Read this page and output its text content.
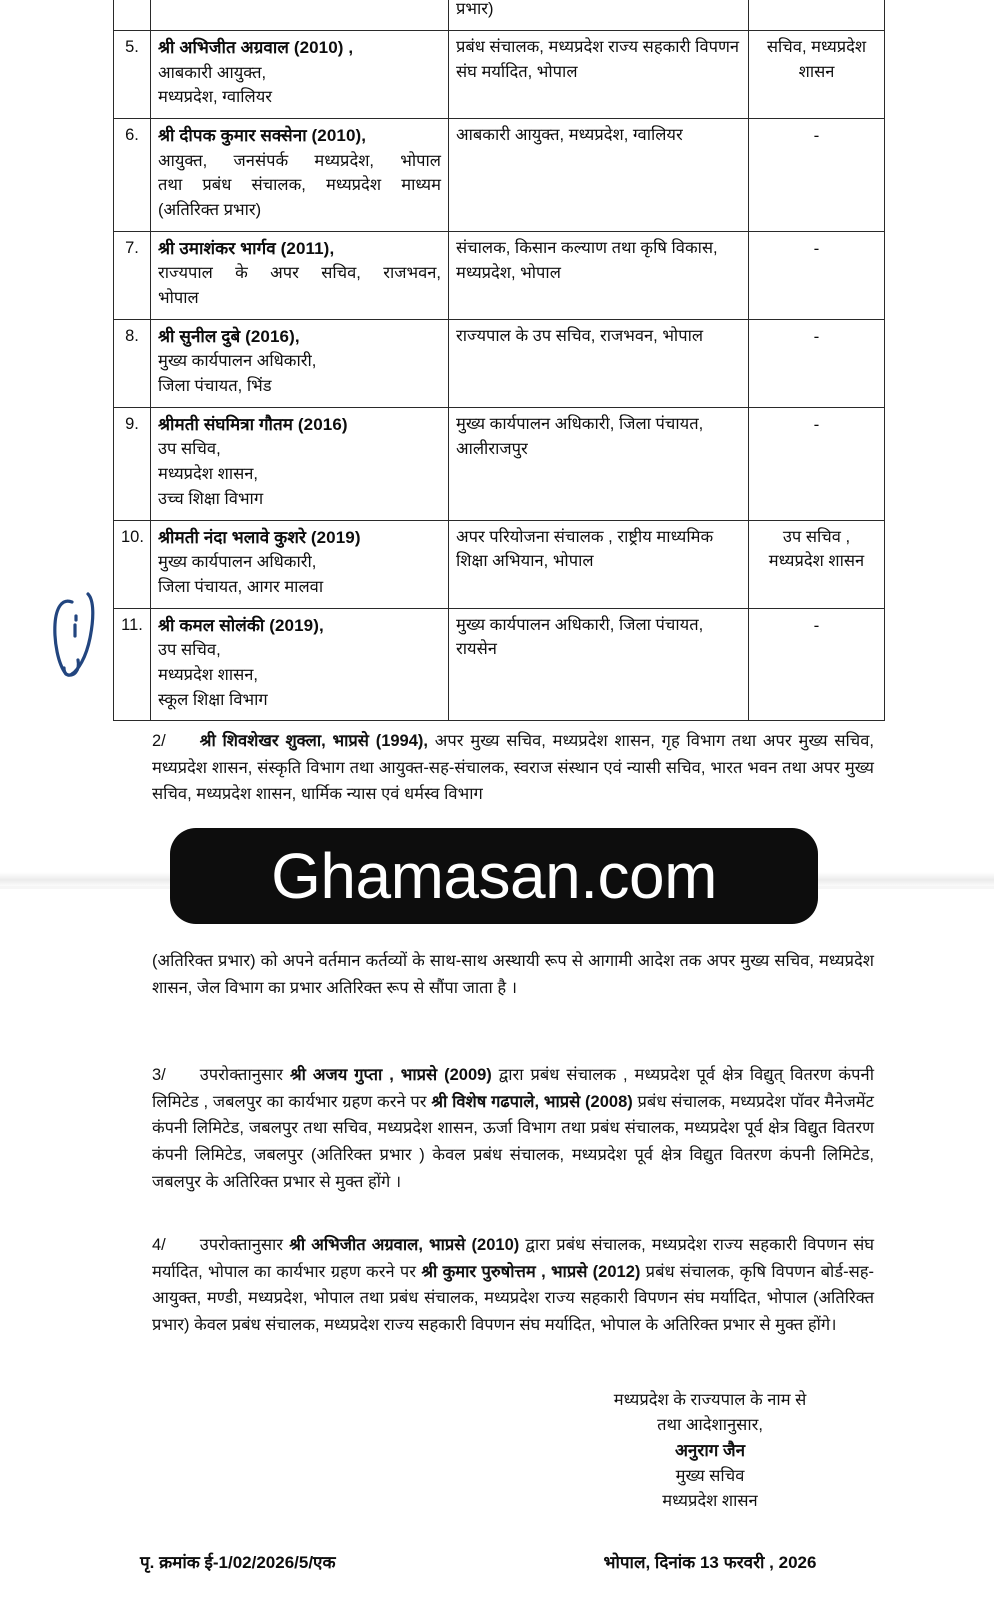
		प्रभार)	

5.	श्री अभिजीत अग्रवाल (2010) ,
आबकारी आयुक्त,
मध्यप्रदेश, ग्वालियर	प्रबंध संचालक, मध्यप्रदेश राज्य सहकारी विपणन संघ मर्यादित, भोपाल	सचिव, मध्यप्रदेश शासन
6.	श्री दीपक कुमार सक्सेना (2010),
आयुक्त, जनसंपर्क मध्यप्रदेश, भोपाल
तथा प्रबंध संचालक, मध्यप्रदेश माध्यम
(अतिरिक्त प्रभार)	आबकारी आयुक्त, मध्यप्रदेश, ग्वालियर	-
7.	श्री उमाशंकर भार्गव (2011),
राज्यपाल के अपर सचिव, राजभवन,
भोपाल	संचालक, किसान कल्याण तथा कृषि विकास, मध्यप्रदेश, भोपाल	-
8.	श्री सुनील दुबे (2016),
मुख्य कार्यपालन अधिकारी,
जिला पंचायत, भिंड	राज्यपाल के उप सचिव, राजभवन, भोपाल	-
9.	श्रीमती संघमित्रा गौतम (2016)
उप सचिव,
मध्यप्रदेश शासन,
उच्च शिक्षा विभाग	मुख्य कार्यपालन अधिकारी, जिला पंचायत, आलीराजपुर	-
10.	श्रीमती नंदा भलावे कुशरे (2019)
मुख्य कार्यपालन अधिकारी,
जिला पंचायत, आगर मालवा	अपर परियोजना संचालक , राष्ट्रीय माध्यमिक शिक्षा अभियान, भोपाल	उप सचिव , मध्यप्रदेश शासन
11.	श्री कमल सोलंकी (2019),
उप सचिव,
मध्यप्रदेश शासन,
स्कूल शिक्षा विभाग	मुख्य कार्यपालन अधिकारी, जिला पंचायत, रायसेन	-
2/ श्री शिवशेखर शुक्ला, भाप्रसे (1994), अपर मुख्य सचिव, मध्यप्रदेश शासन, गृह विभाग तथा अपर मुख्य सचिव, मध्यप्रदेश शासन, संस्कृति विभाग तथा आयुक्त-सह-संचालक, स्वराज संस्थान एवं न्यासी सचिव, भारत भवन तथा अपर मुख्य सचिव, मध्यप्रदेश शासन, धार्मिक न्यास एवं धर्मस्व विभाग
(अतिरिक्त प्रभार) को अपने वर्तमान कर्तव्यों के साथ-साथ अस्थायी रूप से आगामी आदेश तक अपर मुख्य सचिव, मध्यप्रदेश शासन, जेल विभाग का प्रभार अतिरिक्त रूप से सौंपा जाता है ।
3/ उपरोक्तानुसार श्री अजय गुप्ता , भाप्रसे (2009) द्वारा प्रबंध संचालक , मध्यप्रदेश पूर्व क्षेत्र विद्युत् वितरण कंपनी लिमिटेड , जबलपुर का कार्यभार ग्रहण करने पर श्री विशेष गढपाले, भाप्रसे (2008) प्रबंध संचालक, मध्यप्रदेश पॉवर मैनेजमेंट कंपनी लिमिटेड, जबलपुर तथा सचिव, मध्यप्रदेश शासन, ऊर्जा विभाग तथा प्रबंध संचालक, मध्यप्रदेश पूर्व क्षेत्र विद्युत वितरण कंपनी लिमिटेड, जबलपुर (अतिरिक्त प्रभार ) केवल प्रबंध संचालक, मध्यप्रदेश पूर्व क्षेत्र विद्युत वितरण कंपनी लिमिटेड, जबलपुर के अतिरिक्त प्रभार से मुक्त होंगे ।
4/ उपरोक्तानुसार श्री अभिजीत अग्रवाल, भाप्रसे (2010) द्वारा प्रबंध संचालक, मध्यप्रदेश राज्य सहकारी विपणन संघ मर्यादित, भोपाल का कार्यभार ग्रहण करने पर श्री कुमार पुरुषोत्तम , भाप्रसे (2012) प्रबंध संचालक, कृषि विपणन बोर्ड-सह-आयुक्त, मण्डी, मध्यप्रदेश, भोपाल तथा प्रबंध संचालक, मध्यप्रदेश राज्य सहकारी विपणन संघ मर्यादित, भोपाल (अतिरिक्त प्रभार) केवल प्रबंध संचालक, मध्यप्रदेश राज्य सहकारी विपणन संघ मर्यादित, भोपाल के अतिरिक्त प्रभार से मुक्त होंगे।
मध्यप्रदेश के राज्यपाल के नाम से
तथा आदेशानुसार,
अनुराग जैन
मुख्य सचिव
मध्यप्रदेश शासन
पृ. क्रमांक ई-1/02/2026/5/एक	भोपाल, दिनांक 13 फरवरी , 2026
Ghamasan.com
